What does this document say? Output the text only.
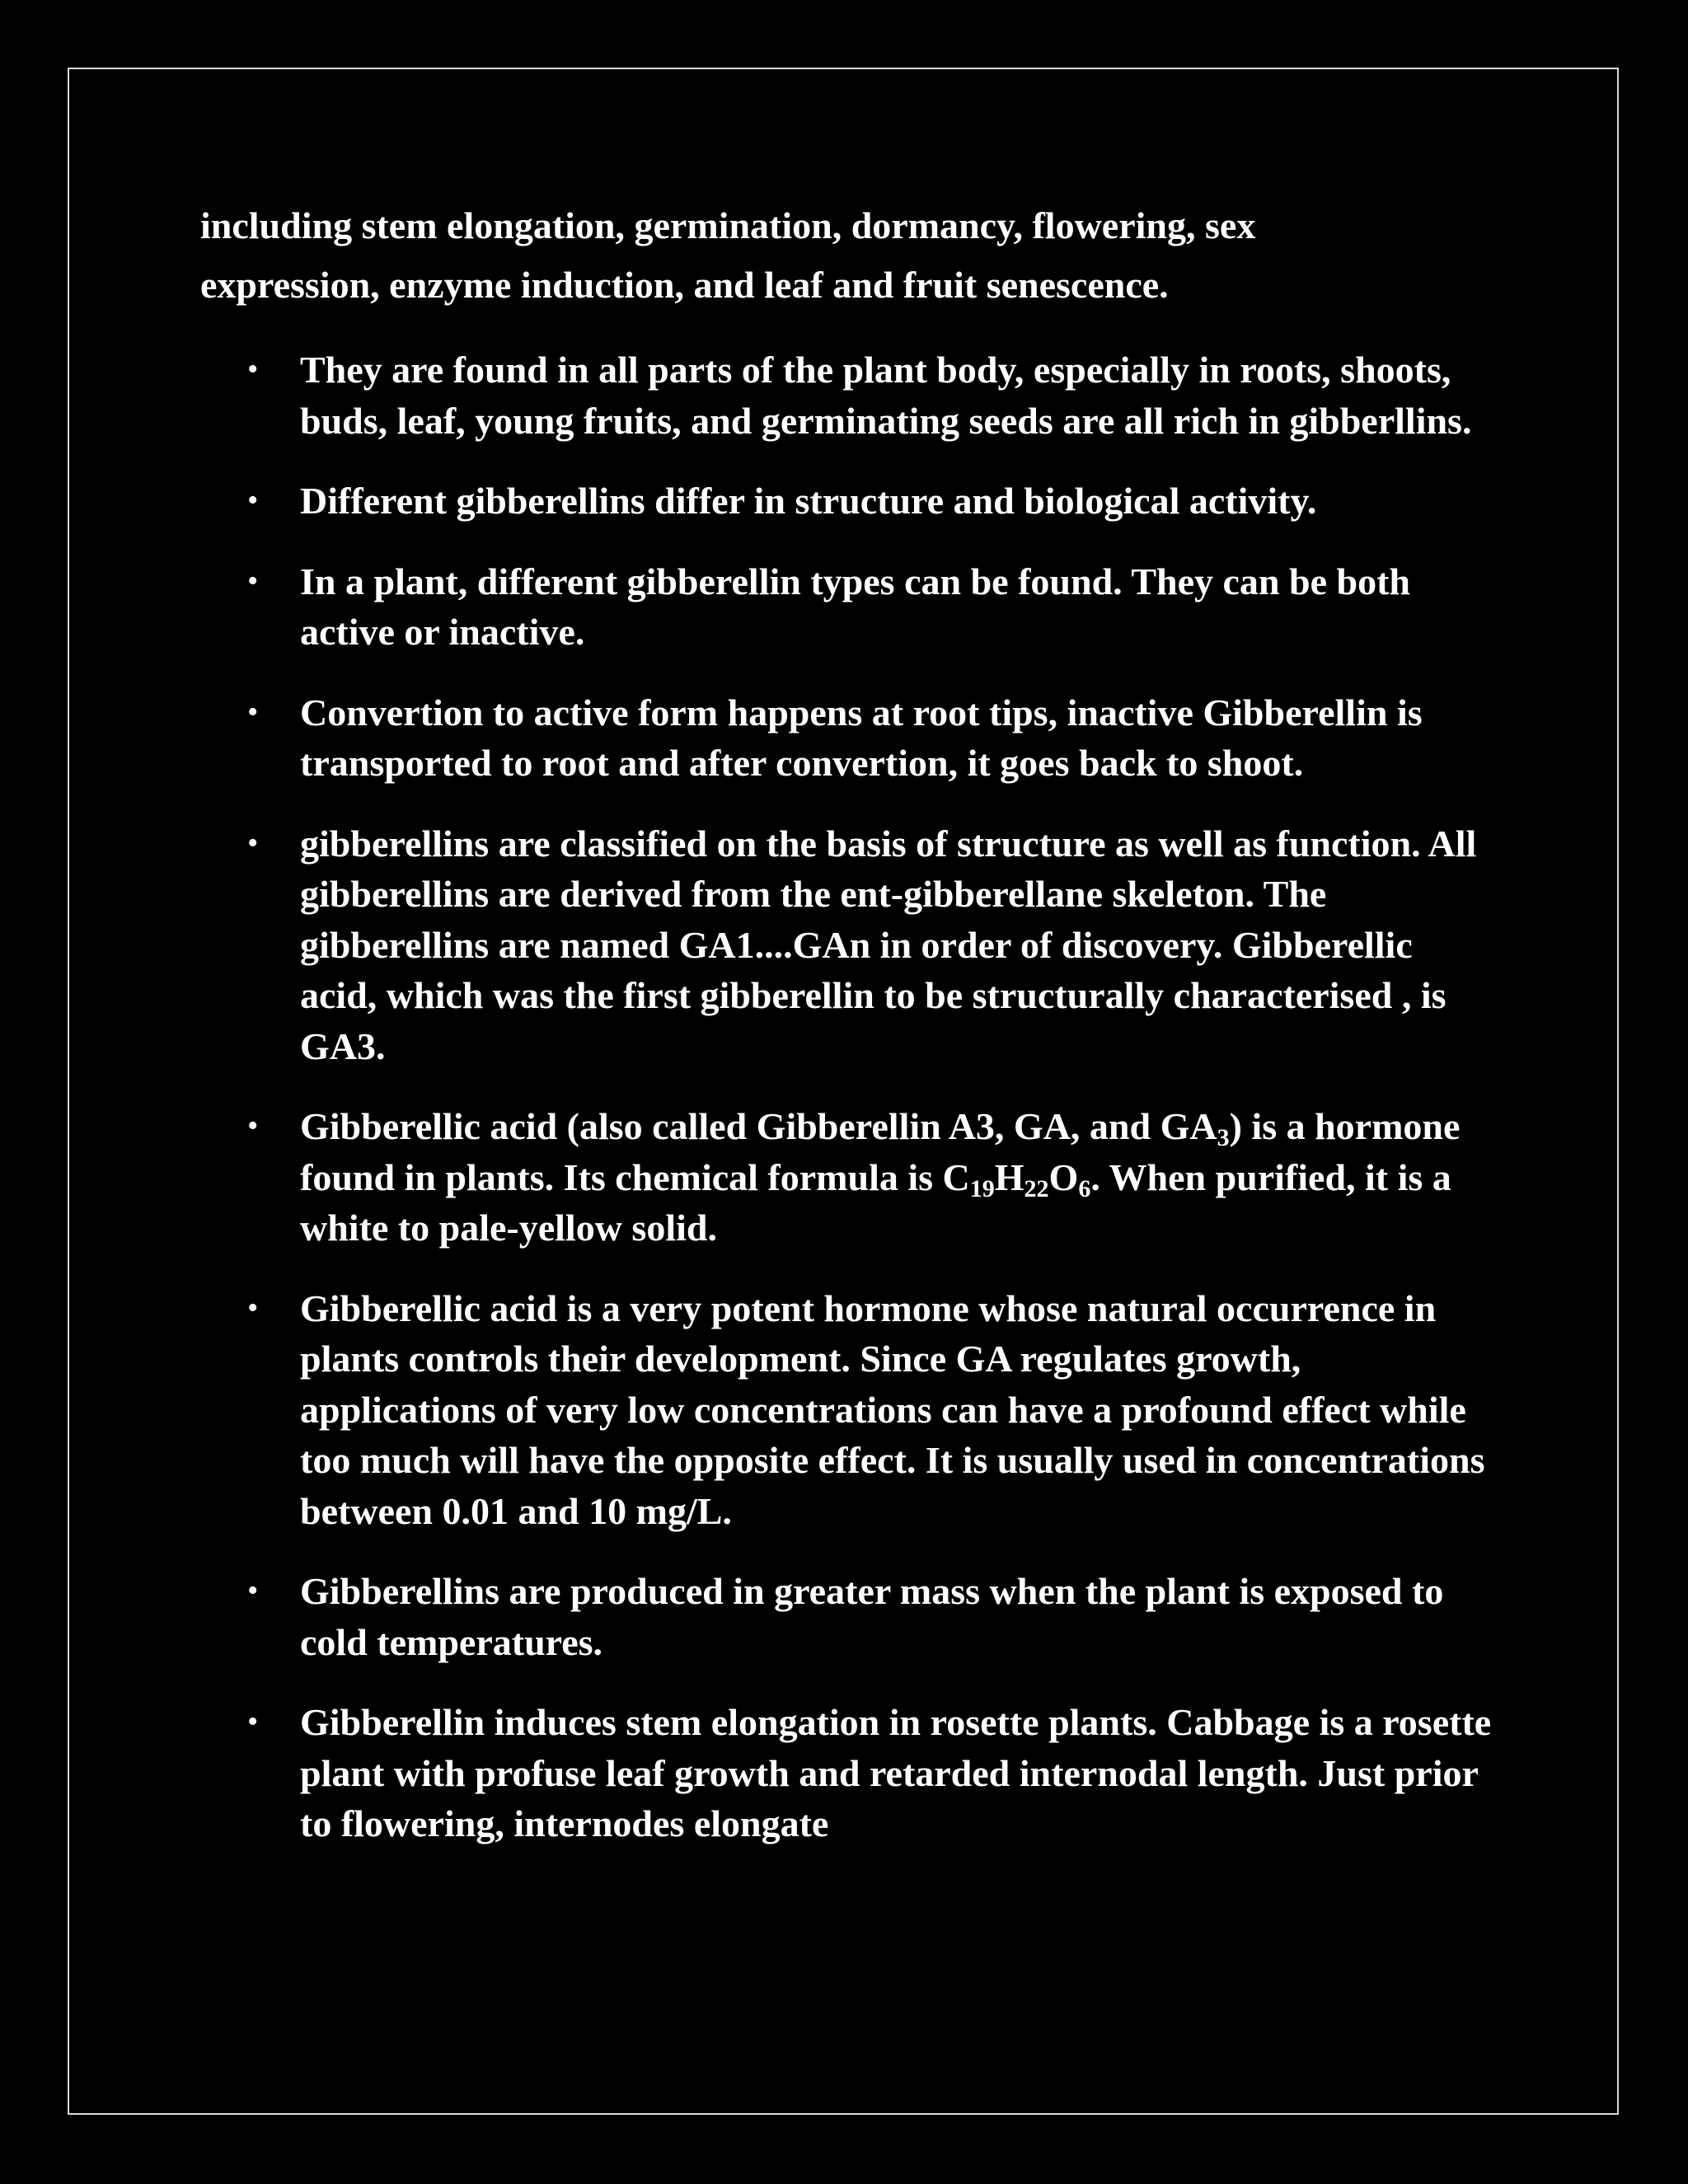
including stem elongation, germination, dormancy, flowering, sex
expression, enzyme induction, and leaf and fruit senescence.

• They are found in all parts of the plant body, especially in roots, shoots, buds, leaf, young fruits, and germinating seeds are all rich in gibberllins.
• Different gibberellins differ in structure and biological activity.
• In a plant, different gibberellin types can be found. They can be both active or inactive.
• Convertion to active form happens at root tips, inactive Gibberellin is transported to root and after convertion, it goes back to shoot.
• gibberellins are classified on the basis of structure as well as function. All gibberellins are derived from the ent-gibberellane skeleton. The gibberellins are named GA1....GAn in order of discovery. Gibberellic acid, which was the first gibberellin to be structurally characterised , is GA3.
• Gibberellic acid (also called Gibberellin A3, GA, and $GA_3$) is a hormone found in plants. Its chemical formula is $C_{19}H_{22}O_6$. When purified, it is a white to pale-yellow solid.
• Gibberellic acid is a very potent hormone whose natural occurrence in plants controls their development. Since GA regulates growth, applications of very low concentrations can have a profound effect while too much will have the opposite effect. It is usually used in concentrations between 0.01 and 10 mg/L.
• Gibberellins are produced in greater mass when the plant is exposed to cold temperatures.
• Gibberellin induces stem elongation in rosette plants. Cabbage is a rosette plant with profuse leaf growth and retarded internodal length. Just prior to flowering, internodes elongate
